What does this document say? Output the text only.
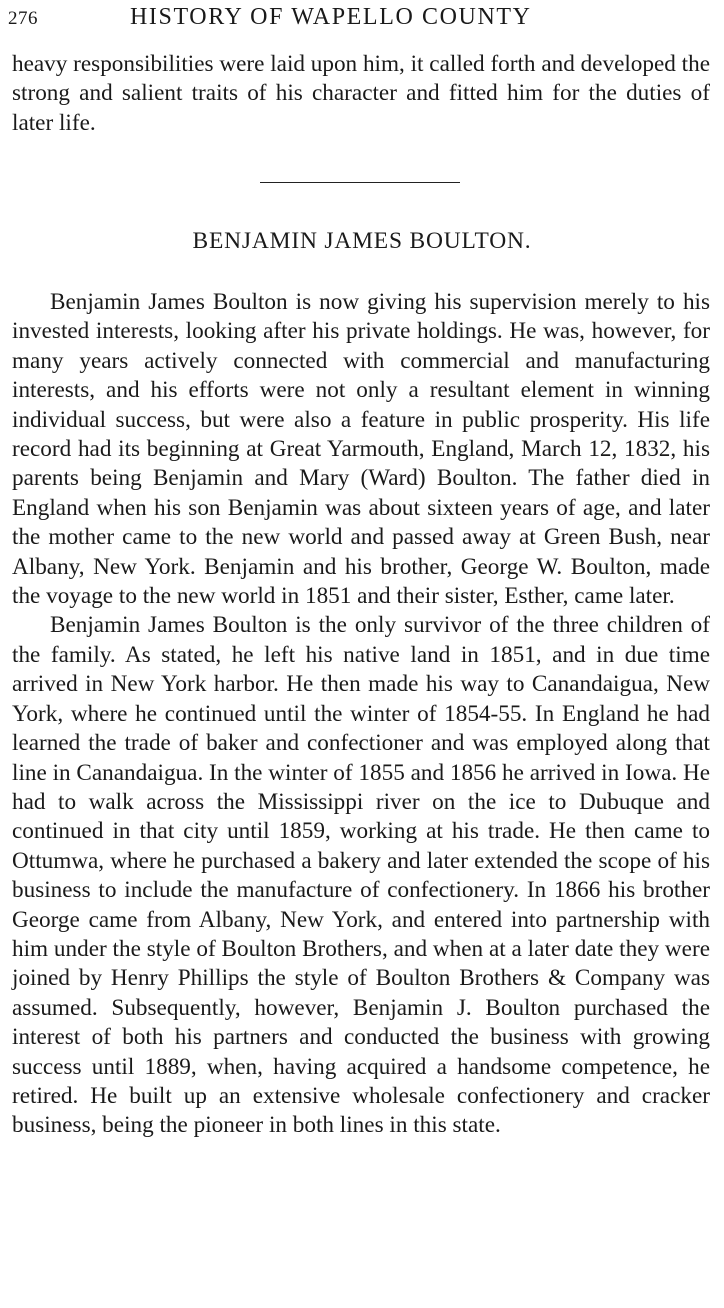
276	HISTORY OF WAPELLO COUNTY

heavy responsibilities were laid upon him, it called forth and developed the strong and salient traits of his character and fitted him for the duties of later life.

BENJAMIN JAMES BOULTON.

Benjamin James Boulton is now giving his supervision merely to his invested interests, looking after his private holdings. He was, however, for many years actively connected with commercial and manufacturing interests, and his efforts were not only a resultant element in winning individual success, but were also a feature in public prosperity. His life record had its beginning at Great Yarmouth, England, March 12, 1832, his parents being Benjamin and Mary (Ward) Boulton. The father died in England when his son Benjamin was about sixteen years of age, and later the mother came to the new world and passed away at Green Bush, near Albany, New York. Benjamin and his brother, George W. Boulton, made the voyage to the new world in 1851 and their sister, Esther, came later.

Benjamin James Boulton is the only survivor of the three children of the family. As stated, he left his native land in 1851, and in due time arrived in New York harbor. He then made his way to Canandaigua, New York, where he continued until the winter of 1854-55. In England he had learned the trade of baker and confectioner and was employed along that line in Canandaigua. In the winter of 1855 and 1856 he arrived in Iowa. He had to walk across the Mississippi river on the ice to Dubuque and continued in that city until 1859, working at his trade. He then came to Ottumwa, where he purchased a bakery and later extended the scope of his business to include the manufacture of confectionery. In 1866 his brother George came from Albany, New York, and entered into partnership with him under the style of Boulton Brothers, and when at a later date they were joined by Henry Phillips the style of Boulton Brothers & Company was assumed. Subsequently, however, Benjamin J. Boulton purchased the interest of both his partners and conducted the business with growing success until 1889, when, having acquired a handsome competence, he retired. He built up an extensive wholesale confectionery and cracker business, being the pioneer in both lines in this state.
